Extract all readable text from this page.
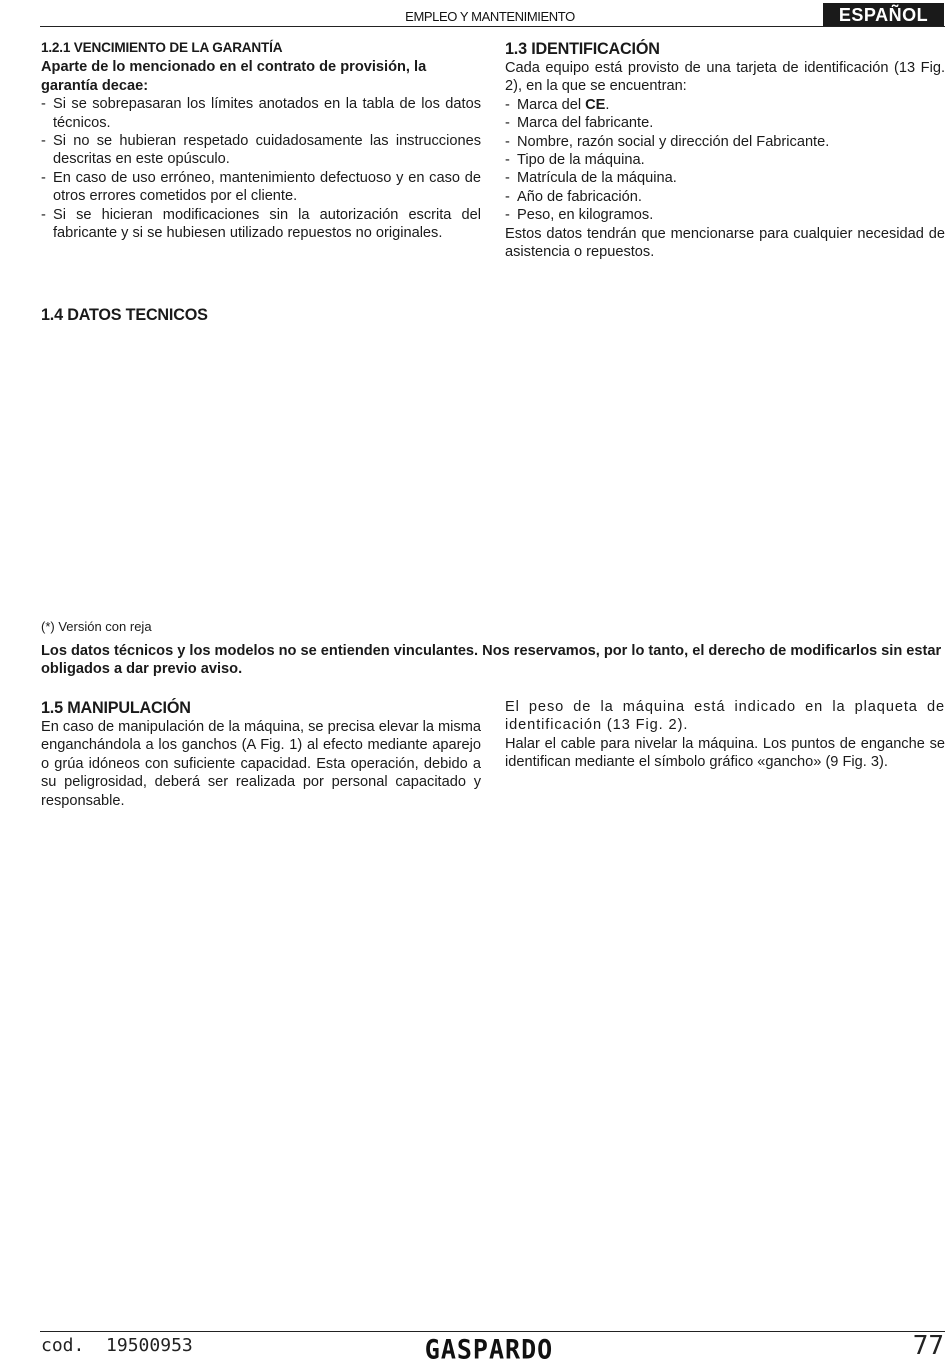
EMPLEO Y MANTENIMIENTO	ESPAÑOL

1.2.1 VENCIMIENTO DE LA GARANTÍA

Aparte de lo mencionado en el contrato de provisión, la garantía decae:

- Si se sobrepasaran los límites anotados en la tabla de los datos técnicos.
- Si no se hubieran respetado cuidadosamente las instrucciones descritas en este opúsculo.
- En caso de uso erróneo, mantenimiento defectuoso y en caso de otros errores cometidos por el cliente.
- Si se hicieran modificaciones sin la autorización escrita del fabricante y si se hubiesen utilizado repuestos no originales.

1.3 IDENTIFICACIÓN

Cada equipo está provisto de una tarjeta de identificación (13 Fig. 2), en la que se encuentran:

- Marca del CE.
- Marca del fabricante.
- Nombre, razón social y dirección del Fabricante.
- Tipo de la máquina.
- Matrícula de la máquina.
- Año de fabricación.
- Peso, en kilogramos.

Estos datos tendrán que mencionarse para cualquier necesidad de asistencia o repuestos.

1.4 DATOS TECNICOS
(*) Versión con reja
Los datos técnicos y los modelos no se entienden vinculantes. Nos reservamos, por lo tanto, el derecho de modificarlos sin estar obligados a dar previo aviso.

1.5 MANIPULACIÓN

En caso de manipulación de la máquina, se precisa elevar la misma enganchándola a los ganchos (A Fig. 1) al efecto mediante aparejo o grúa idóneos con suficiente capacidad. Esta operación, debido a su peligrosidad, deberá ser realizada por personal capacitado y responsable.

El peso de la máquina está indicado en la plaqueta de identificación (13 Fig. 2).

Halar el cable para nivelar la máquina. Los puntos de enganche se identifican mediante el símbolo gráfico «gancho» (9 Fig. 3).

cod. 19500953	GASPARDO	77
